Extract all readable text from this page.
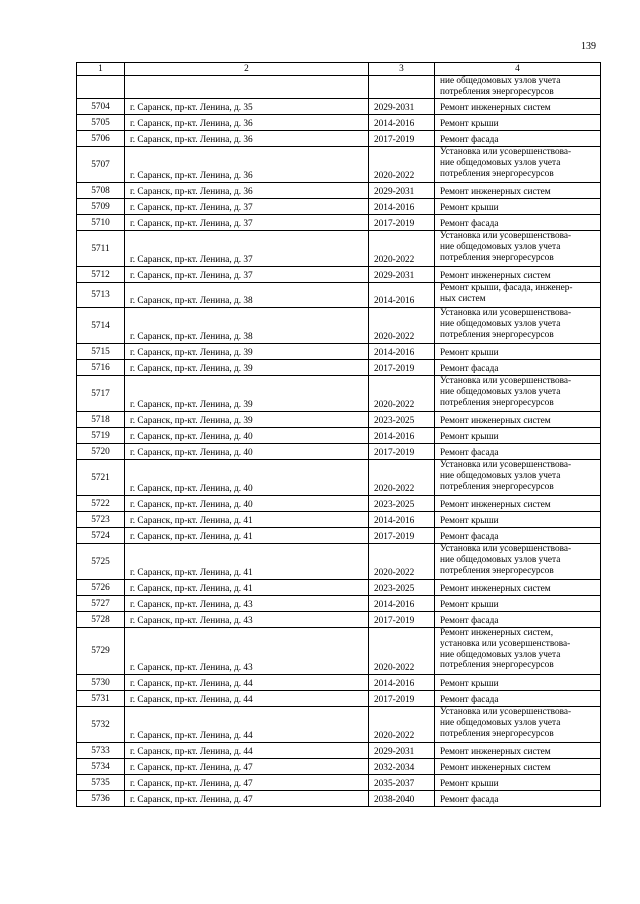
139
1	2	3	4

			ние общедомовых узлов учета
потребления энергоресурсов

5704	г. Саранск, пр-кт. Ленина, д. 35	2029-2031	Ремонт инженерных систем

5705	г. Саранск, пр-кт. Ленина, д. 36	2014-2016	Ремонт крыши

5706	г. Саранск, пр-кт. Ленина, д. 36	2017-2019	Ремонт фасада

5707	г. Саранск, пр-кт. Ленина, д. 36	2020-2022	Установка или усовершенствова-
ние общедомовых узлов учета
потребления энергоресурсов

5708	г. Саранск, пр-кт. Ленина, д. 36	2029-2031	Ремонт инженерных систем

5709	г. Саранск, пр-кт. Ленина, д. 37	2014-2016	Ремонт крыши

5710	г. Саранск, пр-кт. Ленина, д. 37	2017-2019	Ремонт фасада

5711	г. Саранск, пр-кт. Ленина, д. 37	2020-2022	Установка или усовершенствова-
ние общедомовых узлов учета
потребления энергоресурсов

5712	г. Саранск, пр-кт. Ленина, д. 37	2029-2031	Ремонт инженерных систем

5713	г. Саранск, пр-кт. Ленина, д. 38	2014-2016	Ремонт крыши, фасада, инженер-
ных систем

5714	г. Саранск, пр-кт. Ленина, д. 38	2020-2022	Установка или усовершенствова-
ние общедомовых узлов учета
потребления энергоресурсов

5715	г. Саранск, пр-кт. Ленина, д. 39	2014-2016	Ремонт крыши

5716	г. Саранск, пр-кт. Ленина, д. 39	2017-2019	Ремонт фасада

5717	г. Саранск, пр-кт. Ленина, д. 39	2020-2022	Установка или усовершенствова-
ние общедомовых узлов учета
потребления энергоресурсов

5718	г. Саранск, пр-кт. Ленина, д. 39	2023-2025	Ремонт инженерных систем

5719	г. Саранск, пр-кт. Ленина, д. 40	2014-2016	Ремонт крыши

5720	г. Саранск, пр-кт. Ленина, д. 40	2017-2019	Ремонт фасада

5721	г. Саранск, пр-кт. Ленина, д. 40	2020-2022	Установка или усовершенствова-
ние общедомовых узлов учета
потребления энергоресурсов

5722	г. Саранск, пр-кт. Ленина, д. 40	2023-2025	Ремонт инженерных систем

5723	г. Саранск, пр-кт. Ленина, д. 41	2014-2016	Ремонт крыши

5724	г. Саранск, пр-кт. Ленина, д. 41	2017-2019	Ремонт фасада

5725	г. Саранск, пр-кт. Ленина, д. 41	2020-2022	Установка или усовершенствова-
ние общедомовых узлов учета
потребления энергоресурсов

5726	г. Саранск, пр-кт. Ленина, д. 41	2023-2025	Ремонт инженерных систем

5727	г. Саранск, пр-кт. Ленина, д. 43	2014-2016	Ремонт крыши

5728	г. Саранск, пр-кт. Ленина, д. 43	2017-2019	Ремонт фасада

5729	г. Саранск, пр-кт. Ленина, д. 43	2020-2022	Ремонт инженерных систем,
установка или усовершенствова-
ние общедомовых узлов учета
потребления энергоресурсов

5730	г. Саранск, пр-кт. Ленина, д. 44	2014-2016	Ремонт крыши

5731	г. Саранск, пр-кт. Ленина, д. 44	2017-2019	Ремонт фасада

5732	г. Саранск, пр-кт. Ленина, д. 44	2020-2022	Установка или усовершенствова-
ние общедомовых узлов учета
потребления энергоресурсов

5733	г. Саранск, пр-кт. Ленина, д. 44	2029-2031	Ремонт инженерных систем

5734	г. Саранск, пр-кт. Ленина, д. 47	2032-2034	Ремонт инженерных систем

5735	г. Саранск, пр-кт. Ленина, д. 47	2035-2037	Ремонт крыши

5736	г. Саранск, пр-кт. Ленина, д. 47	2038-2040	Ремонт фасада
